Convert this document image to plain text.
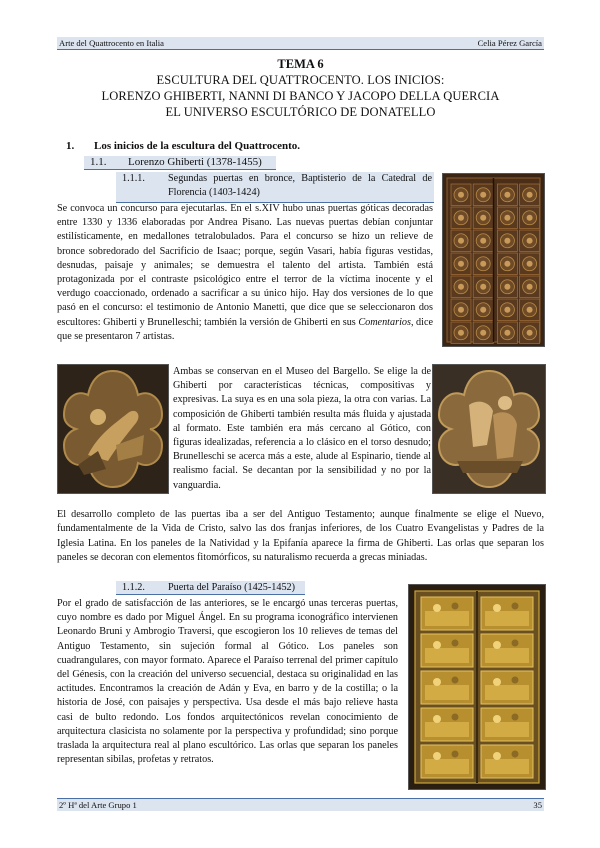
Arte del Quattrocento en Italia	Celia Pérez García
TEMA 6
ESCULTURA DEL QUATTROCENTO. LOS INICIOS:
LORENZO GHIBERTI, NANNI DI BANCO Y JACOPO DELLA QUERCIA
EL UNIVERSO ESCULTÓRICO DE DONATELLO
1. Los inicios de la escultura del Quattrocento.
1.1. Lorenzo Ghiberti (1378-1455)
1.1.1. Segundas puertas en bronce, Baptisterio de la Catedral de Florencia (1403-1424)

Se convoca un concurso para ejecutarlas. En el s.XIV hubo unas puertas góticas decoradas entre 1330 y 1336 elaboradas por Andrea Pisano. Las nuevas puertas debían conjuntar estilísticamente, en medallones tetralobulados. Para el concurso se hizo un relieve de bronce sobredorado del Sacrificio de Isaac; porque, según Vasari, había figuras vestidas, desnudas, paisaje y animales; se demuestra el talento del artista. También está protagonizada por el contraste psicológico entre el terror de la víctima inocente y el verdugo coaccionado, ordenado a sacrificar a su único hijo. Hay dos versiones de lo que pasó en el concurso: el testimonio de Antonio Manetti, que dice que se seleccionaron dos escultores: Ghiberti y Brunelleschi; también la versión de Ghiberti en sus Comentarios, dice que se presentaron 7 artistas.

Ambas se conservan en el Museo del Bargello. Se elige la de Ghiberti por características técnicas, compositivas y expresivas. La suya es en una sola pieza, la otra con varias. La composición de Ghiberti también resulta más fluida y ajustada al formato. Este también era más cercano al Gótico, con figuras idealizadas, referencia a lo clásico en el torso desnudo; Brunelleschi se acerca más a este, alude al Espinario, tiende al realismo facial. Se decantan por la sensibilidad y no por la vanguardia.

El desarrollo completo de las puertas iba a ser del Antiguo Testamento; aunque finalmente se elige el Nuevo, fundamentalmente de la Vida de Cristo, salvo las dos franjas inferiores, de los Cuatro Evangelistas y Padres de la Iglesia Latina. En los paneles de la Natividad y la Epifanía aparece la firma de Ghiberti. Las orlas que separan los paneles se decoran con elementos fitomórficos, su naturalismo recuerda a grecas miniadas.

1.1.2. Puerta del Paraíso (1425-1452)

Por el grado de satisfacción de las anteriores, se le encargó unas terceras puertas, cuyo nombre es dado por Miguel Ángel. En su programa iconográfico intervienen Leonardo Bruni y Ambrogio Traversi, que escogieron los 10 relieves de temas del Antiguo Testamento, sin sujeción formal al Gótico. Los paneles son cuadrangulares, con mayor formato. Aparece el Paraíso terrenal del primer capítulo del Génesis, con la creación del universo secuencial, destaca su originalidad en las actitudes. Encontramos la creación de Adán y Eva, en barro y de la costilla; o la historia de José, con paisajes y perspectiva. Usa desde el más bajo relieve hasta casi de bulto redondo. Los fondos arquitectónicos revelan conocimiento de arquitectura clasicista no solamente por la perspectiva y profundidad; sino porque traslada la arquitectura real al plano escultórico. Las orlas que separan los paneles representan sibilas, profetas y retratos.

2º Hª del Arte Grupo 1	35
